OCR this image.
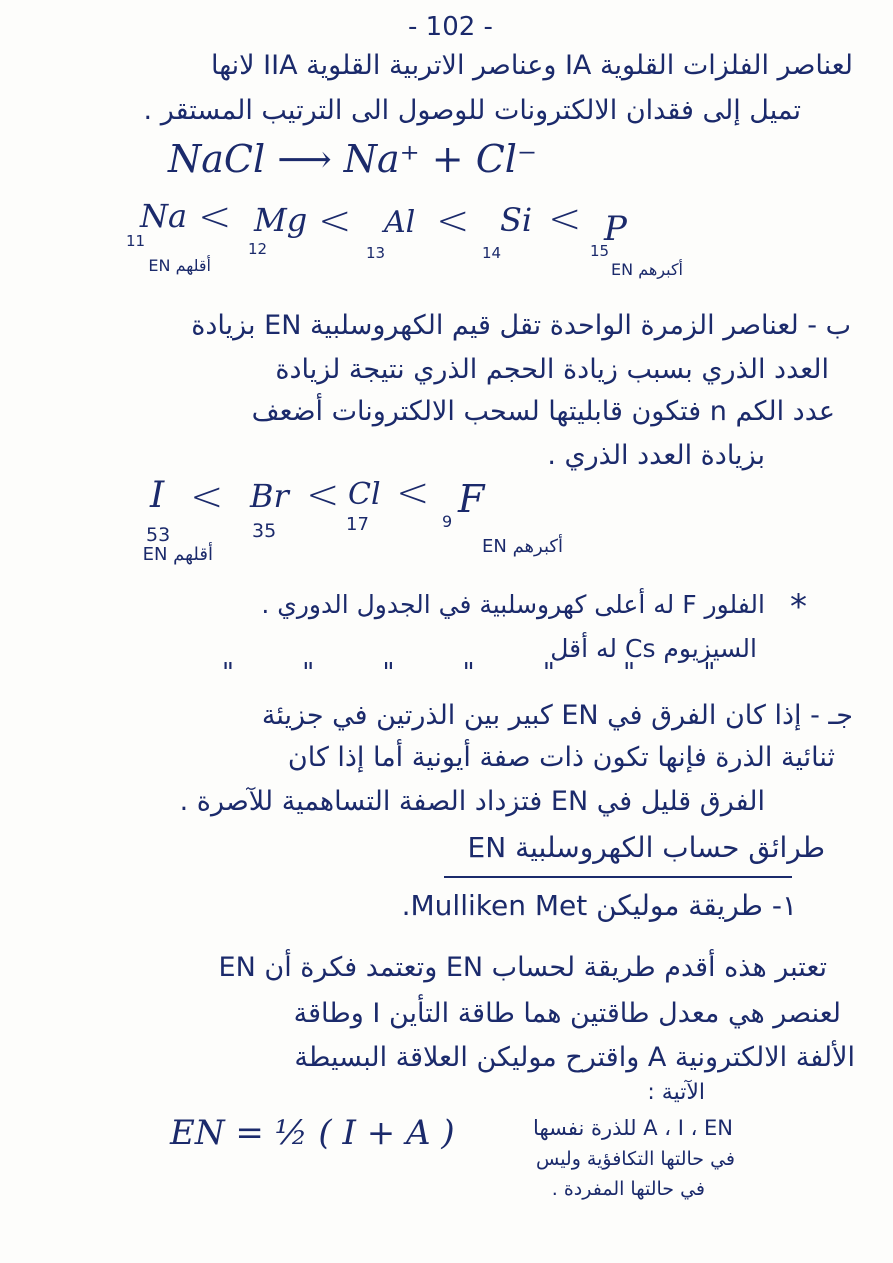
- 102 -
لعناصر الفلزات القلوية IA وعناصر الاتربية القلوية IIA لانها
تميل إلى فقدان الالكترونات للوصول الى الترتيب المستقر .
NaCl ⟶ Na⁺ + Cl⁻
11
Na <
12
Mg <
13
Al <
14
Si <
15
P
أقلهم EN	أكبرهم EN
ب - لعناصر الزمرة الواحدة تقل قيم الكهروسلبية EN بزيادة
العدد الذري بسبب زيادة الحجم الذري نتيجة لزيادة
عدد الكم n فتكون قابليتها لسحب الالكترونات أضعف
بزيادة العدد الذري .
I
53
< Br
35
< Cl
17
< F
9
أقلهم EN	أكبرهم EN
*
الفلور F له أعلى كهروسلبية في الجدول الدوري .
السيزيوم Cs له أقل
" " " " " " "
جـ - إذا كان الفرق في EN كبير بين الذرتين في جزيئة
ثنائية الذرة فإنها تكون ذات صفة أيونية أما إذا كان
الفرق قليل في EN فتزداد الصفة التساهمية للآصرة .
طرائق حساب الكهروسلبية EN
١- طريقة موليكن Mulliken Met.
تعتبر هذه أقدم طريقة لحساب EN وتعتمد فكرة أن EN
لعنصر هي معدل طاقتين هما طاقة التأين I وطاقة
الألفة الالكترونية A واقترح موليكن العلاقة البسيطة
الآتية :
EN = ½ ( I + A )	A ، I ، EN للذرة نفسها
في حالتها التكافؤية وليس
في حالتها المفردة .
